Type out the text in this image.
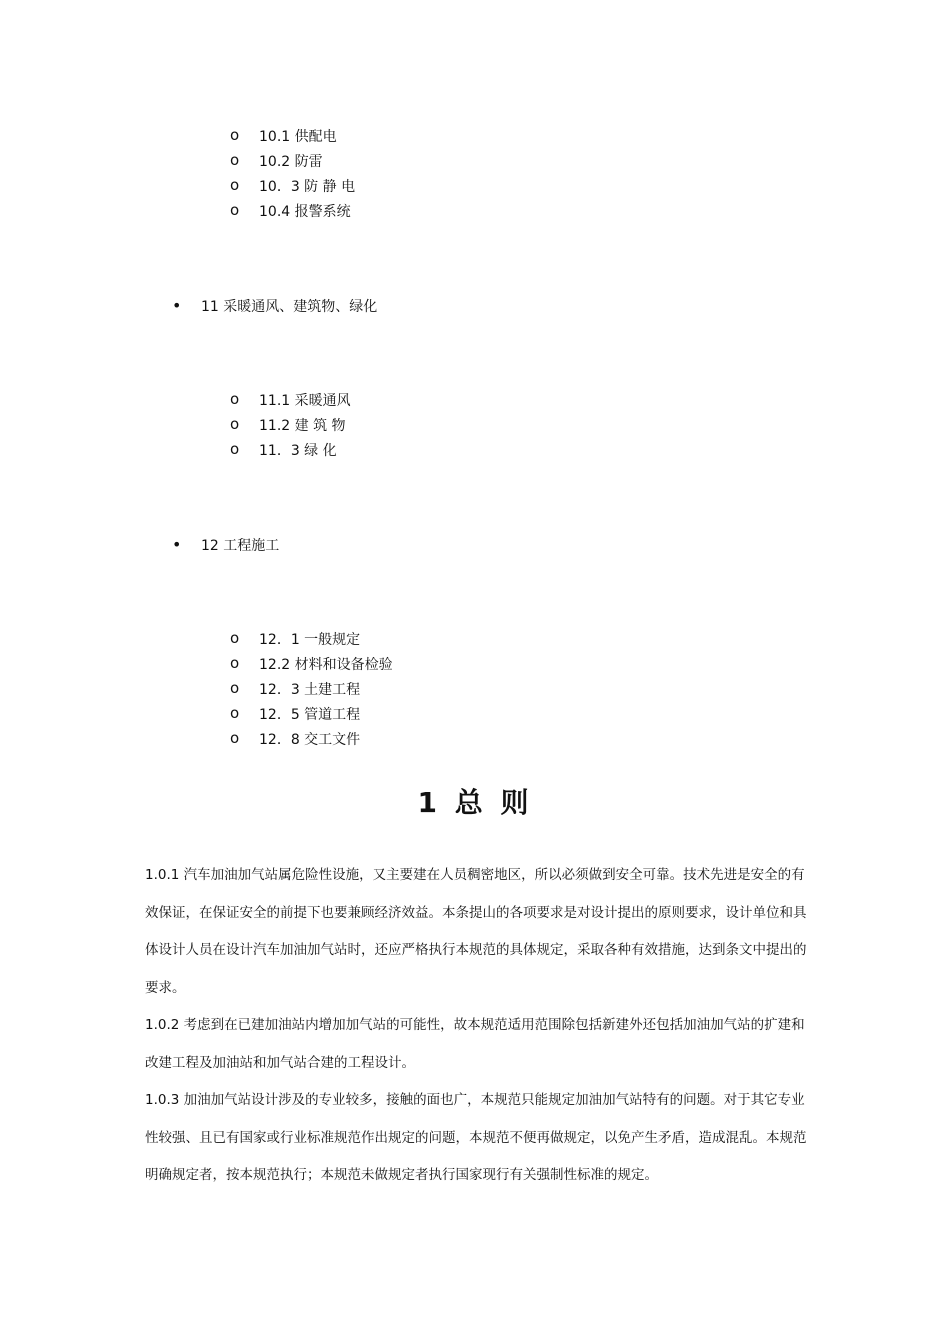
o 10.1 供配电
o 10.2 防雷
o 10．3 防 静 电
o 10.4 报警系统
• 11 采暖通风、建筑物、绿化
o 11.1 采暖通风
o 11.2 建 筑 物
o 11．3 绿 化
• 12 工程施工
o 12．1 一般规定
o 12.2 材料和设备检验
o 12．3 土建工程
o 12．5 管道工程
o 12．8 交工文件
1 总 则

1.0.1 汽车加油加气站属危险性设施，又主要建在人员稠密地区，所以必须做到安全可靠。技术先进是安全的有效保证，在保证安全的前提下也要兼顾经济效益。本条提山的各项要求是对设计提出的原则要求，设计单位和具体设计人员在设计汽车加油加气站时，还应严格执行本规范的具体规定，采取各种有效措施，达到条文中提出的要求。

1.0.2 考虑到在已建加油站内增加加气站的可能性，故本规范适用范围除包括新建外还包括加油加气站的扩建和改建工程及加油站和加气站合建的工程设计。

1.0.3 加油加气站设计涉及的专业较多，接触的面也广，本规范只能规定加油加气站特有的问题。对于其它专业性较强、且已有国家或行业标准规范作出规定的问题，本规范不便再做规定，以免产生矛盾，造成混乱。本规范明确规定者，按本规范执行；本规范未做规定者执行国家现行有关强制性标准的规定。
